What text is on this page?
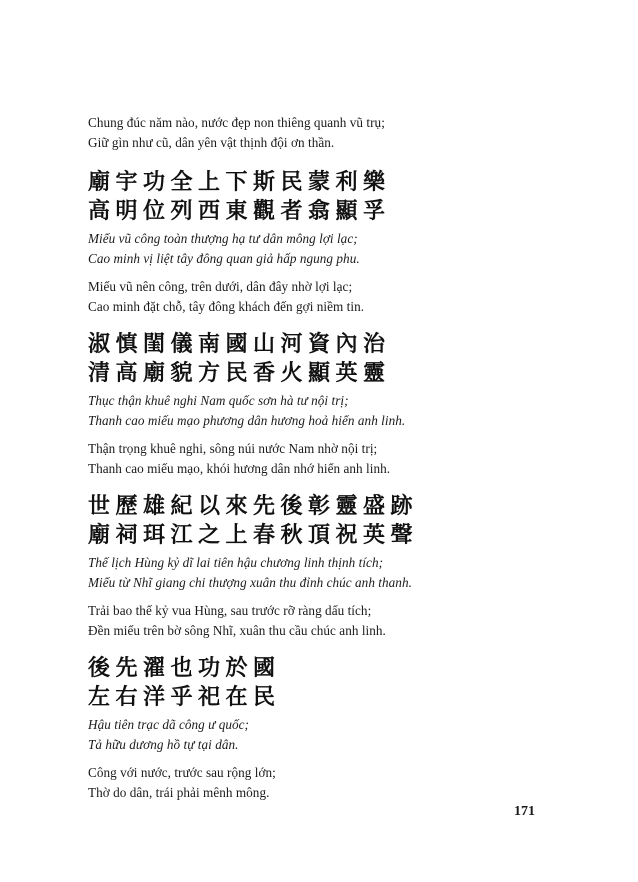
Chung đúc năm nào, nước đẹp non thiêng quanh vũ trụ;
Giữ gìn như cũ, dân yên vật thịnh đội ơn thần.
廟宇功全上下斯民蒙利樂
高明位列西東觀者翕顯孚
Miếu vũ công toàn thượng hạ tư dân mông lợi lạc;
Cao minh vị liệt tây đông quan giả hấp ngung phu.
Miếu vũ nên công, trên dưới, dân đây nhờ lợi lạc;
Cao minh đặt chỗ, tây đông khách đến gợi niềm tin.
淑慎閨儀南國山河資內治
清高廟貌方民香火顯英靈
Thục thận khuê nghi Nam quốc sơn hà tư nội trị;
Thanh cao miếu mạo phương dân hương hoả hiển anh linh.
Thận trọng khuê nghi, sông núi nước Nam nhờ nội trị;
Thanh cao miếu mạo, khói hương dân nhớ hiển anh linh.
世歷雄紀以來先後彰靈盛跡
廟祠珥江之上春秋頂祝英聲
Thế lịch Hùng kỷ dĩ lai tiên hậu chương linh thịnh tích;
Miếu từ Nhĩ giang chi thượng xuân thu đỉnh chúc anh thanh.
Trải bao thế kỷ vua Hùng, sau trước rỡ ràng dấu tích;
Đền miếu trên bờ sông Nhĩ, xuân thu cầu chúc anh linh.
後先濯也功於國
左右洋乎祀在民
Hậu tiên trạc dã công ư quốc;
Tả hữu dương hồ tự tại dân.
Công với nước, trước sau rộng lớn;
Thờ do dân, trái phải mênh mông.
171
